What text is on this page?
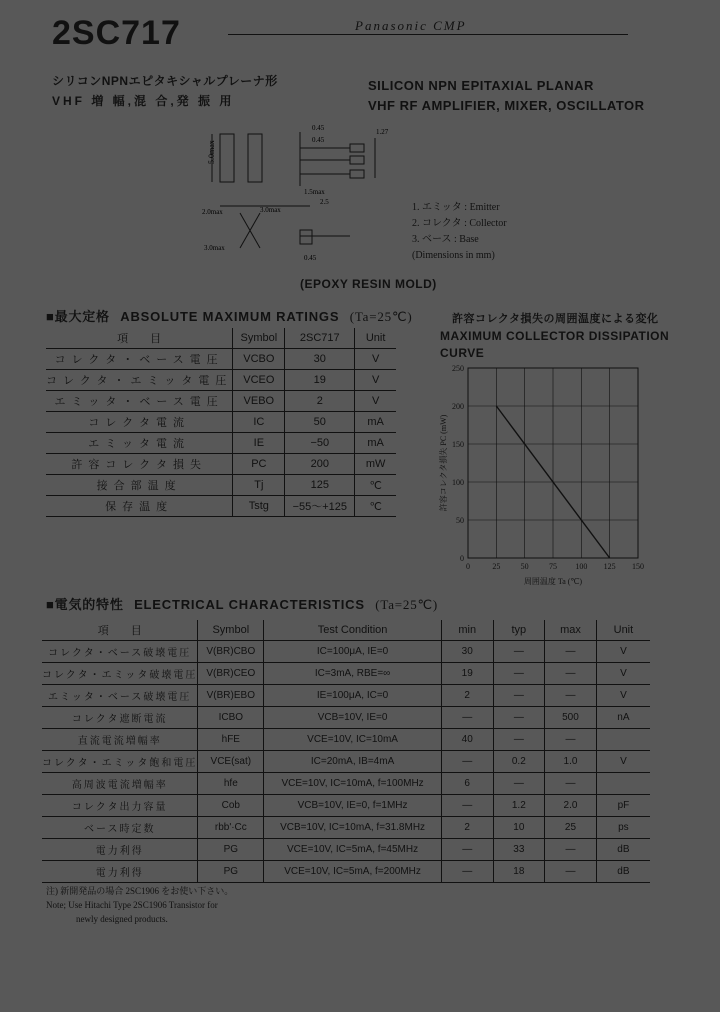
2SC717	Panasonic CMP
シリコンNPNエピタキシャルプレーナ形
VHF 増 幅,混 合,発 振 用
SILICON NPN EPITAXIAL PLANAR
VHF RF AMPLIFIER, MIXER, OSCILLATOR
5.0max
0.45
0.45
1.27
1.5max
3.0max
2.0max
2.5
0.45
3.0max
1. エミッタ : Emitter
2. コレクタ : Collector
3. ベース : Base
(Dimensions in mm)
(EPOXY RESIN MOLD)
■最大定格 ABSOLUTE MAXIMUM RATINGS (Ta=25℃)
項　　目	Symbol	2SC717	Unit
コレクタ・ベース電圧	VCBO	30	V
コレクタ・エミッタ電圧	VCEO	19	V
エミッタ・ベース電圧	VEBO	2	V
コレクタ電流	IC	50	mA
エミッタ電流	IE	−50	mA
許容コレクタ損失	PC	200	mW
接合部温度	Tj	125	℃
保存温度	Tstg	−55〜+125	℃
許容コレクタ損失の周囲温度による変化
MAXIMUM COLLECTOR DISSIPATION CURVE
0	25	50	75 100 125 150
0
50
100
150
200
250
周囲温度 Ta (℃)
許容コレクタ損失 PC (mW)
■電気的特性 ELECTRICAL CHARACTERISTICS (Ta=25℃)
項　　目	Symbol	Test Condition	min	typ	max	Unit
コレクタ・ベース破壊電圧	V(BR)CBO	IC=100μA, IE=0	30	—	—	V
コレクタ・エミッタ破壊電圧	V(BR)CEO	IC=3mA, RBE=∞	19	—	—	V
エミッタ・ベース破壊電圧	V(BR)EBO	IE=100μA, IC=0	2	—	—	V
コレクタ遮断電流	ICBO	VCB=10V, IE=0	—	—	500	nA
直流電流増幅率	hFE	VCE=10V, IC=10mA	40	—	—	
コレクタ・エミッタ飽和電圧	VCE(sat)	IC=20mA, IB=4mA	—	0.2	1.0	V
高周波電流増幅率	hfe	VCE=10V, IC=10mA, f=100MHz	6	—	—	
コレクタ出力容量	Cob	VCB=10V, IE=0, f=1MHz	—	1.2	2.0	pF
ベース時定数	rbb'·Cc	VCB=10V, IC=10mA, f=31.8MHz	2	10	25	ps
電力利得	PG	VCE=10V, IC=5mA, f=45MHz	—	33	—	dB
電力利得	PG	VCE=10V, IC=5mA, f=200MHz	—	18	—	dB
注) 新開発品の場合 2SC1906 をお使い下さい。
Note; Use Hitachi Type 2SC1906 Transistor for
newly designed products.
